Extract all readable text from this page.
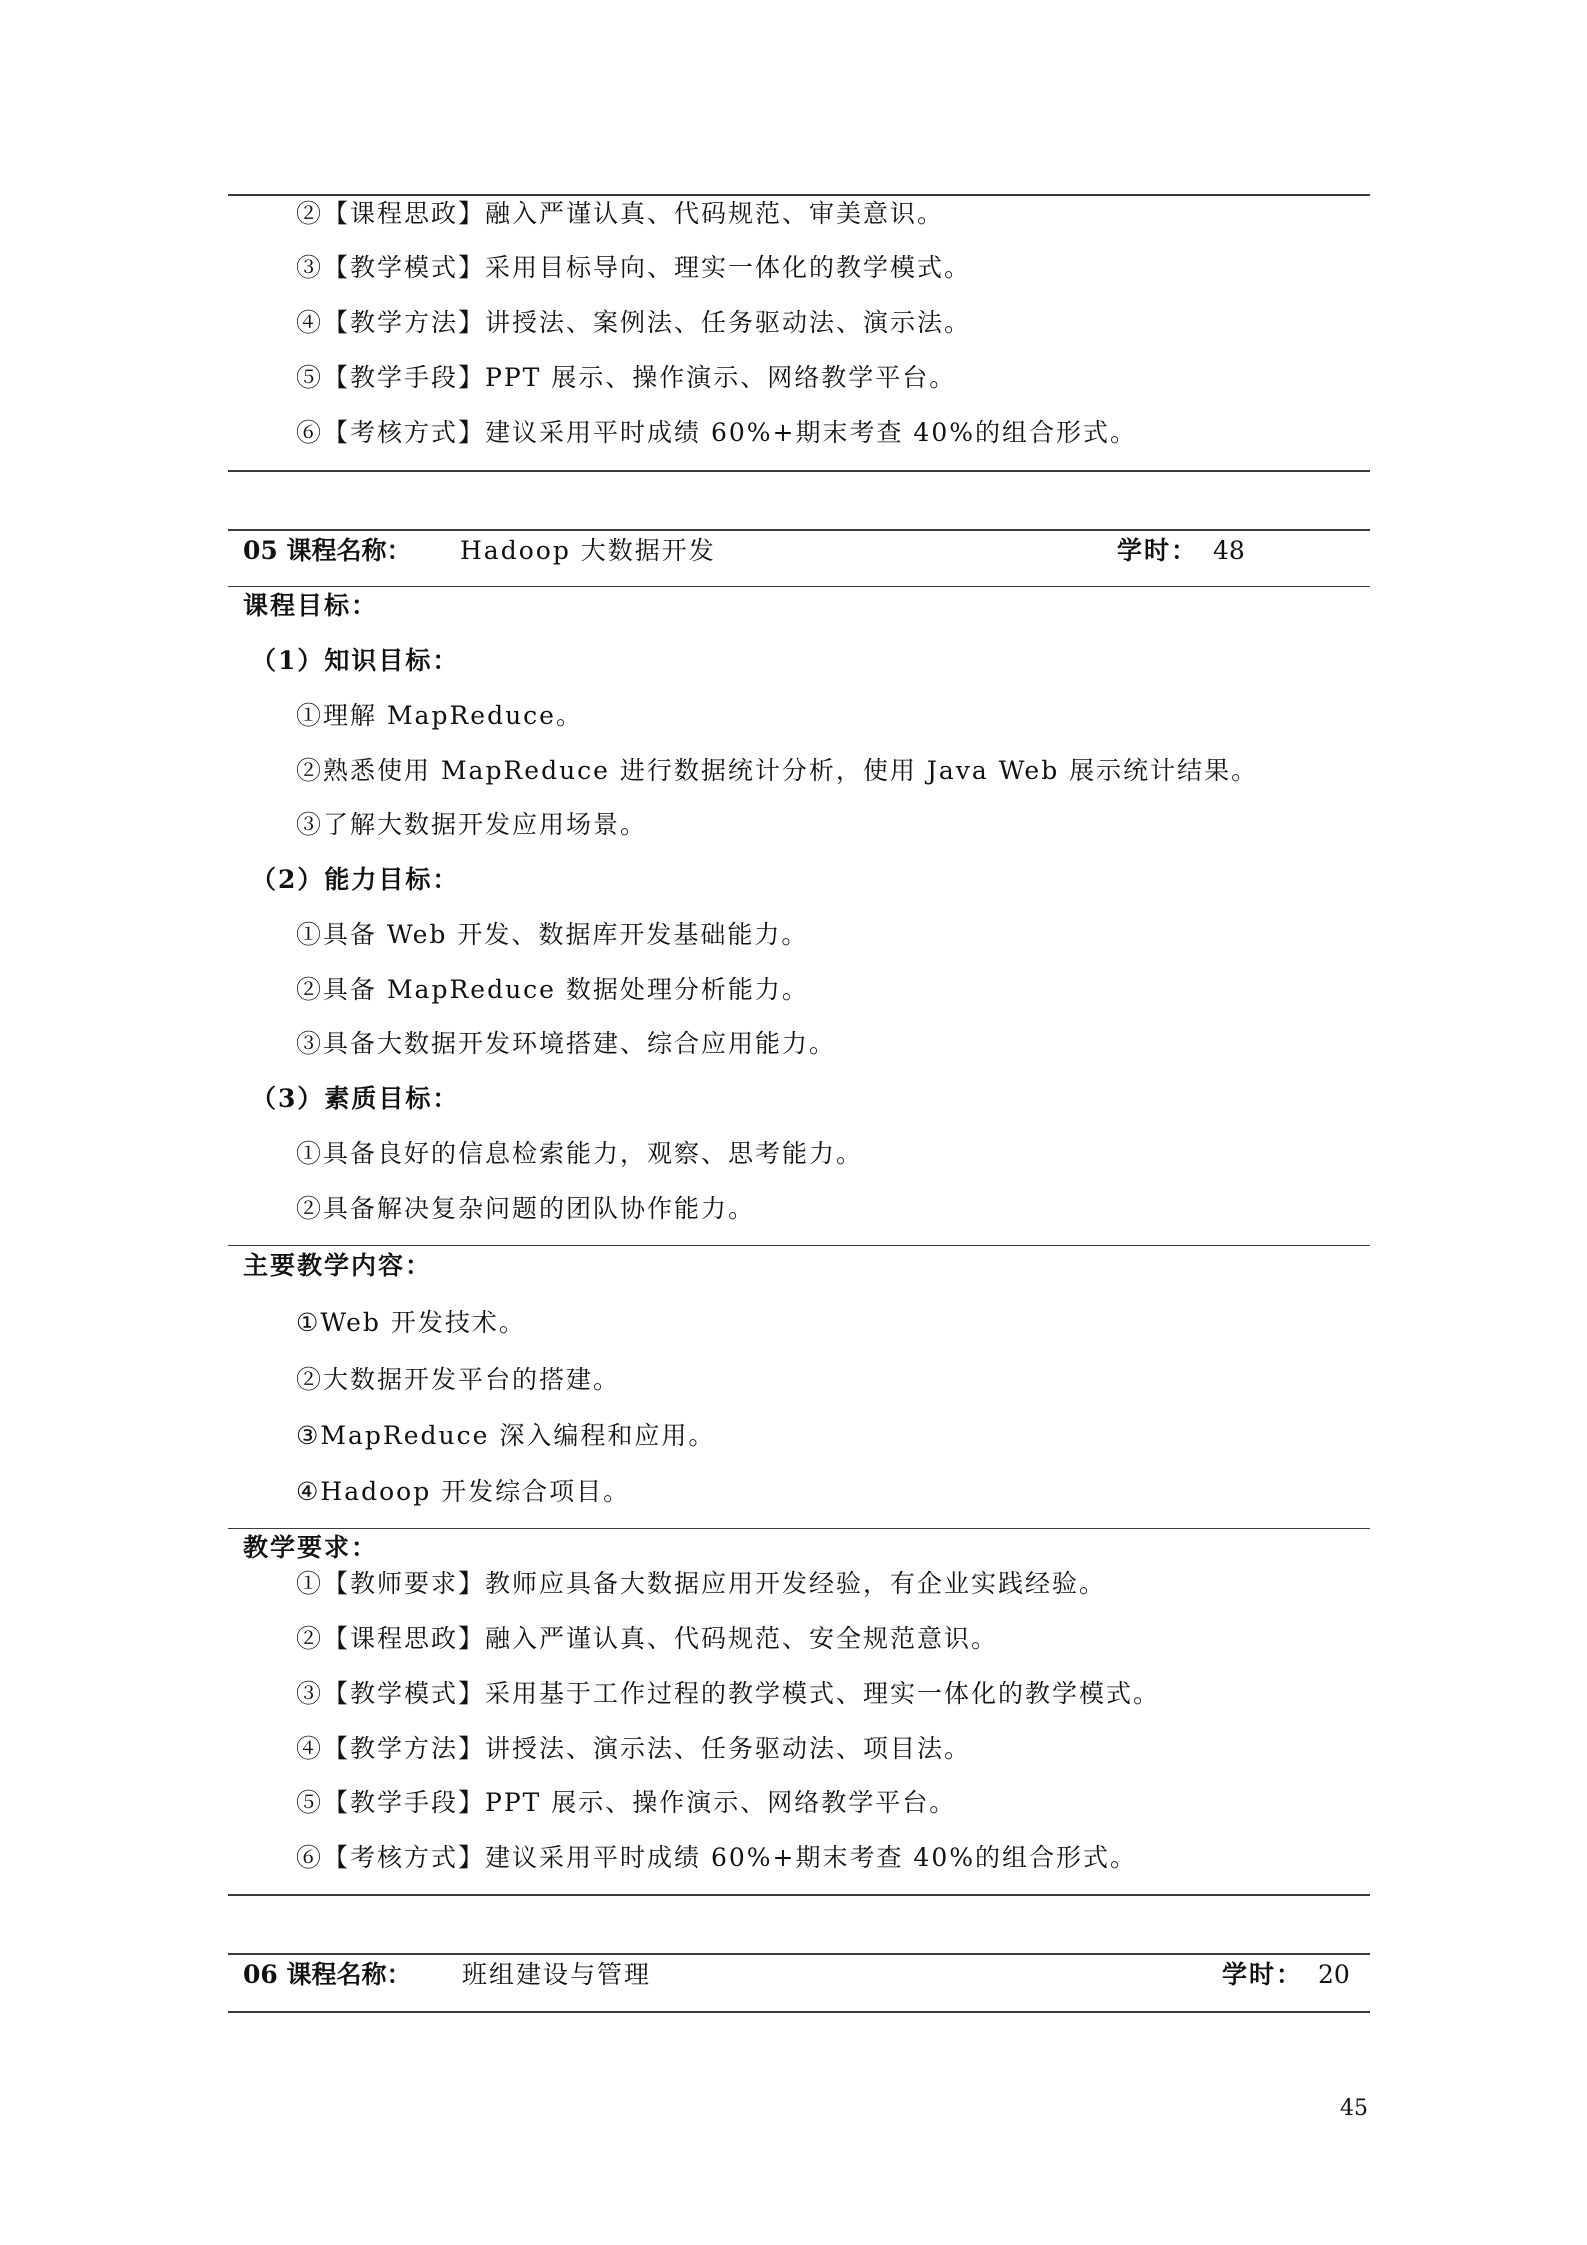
②【课程思政】融入严谨认真、代码规范、审美意识。
③【教学模式】采用目标导向、理实一体化的教学模式。
④【教学方法】讲授法、案例法、任务驱动法、演示法。
⑤【教学手段】PPT 展示、操作演示、网络教学平台。
⑥【考核方式】建议采用平时成绩 60%+期末考查 40%的组合形式。
05 课程名称： Hadoop 大数据开发	学时： 48
课程目标：
（1）知识目标：
①理解 MapReduce。
②熟悉使用 MapReduce 进行数据统计分析，使用 Java Web 展示统计结果。
③了解大数据开发应用场景。
（2）能力目标：
①具备 Web 开发、数据库开发基础能力。
②具备 MapReduce 数据处理分析能力。
③具备大数据开发环境搭建、综合应用能力。
（3）素质目标：
①具备良好的信息检索能力，观察、思考能力。
②具备解决复杂问题的团队协作能力。
主要教学内容：
①Web 开发技术。
②大数据开发平台的搭建。
③MapReduce 深入编程和应用。
④Hadoop 开发综合项目。
教学要求：
①【教师要求】教师应具备大数据应用开发经验，有企业实践经验。
②【课程思政】融入严谨认真、代码规范、安全规范意识。
③【教学模式】采用基于工作过程的教学模式、理实一体化的教学模式。
④【教学方法】讲授法、演示法、任务驱动法、项目法。
⑤【教学手段】PPT 展示、操作演示、网络教学平台。
⑥【考核方式】建议采用平时成绩 60%+期末考查 40%的组合形式。
06 课程名称： 班组建设与管理	学时： 20
45
